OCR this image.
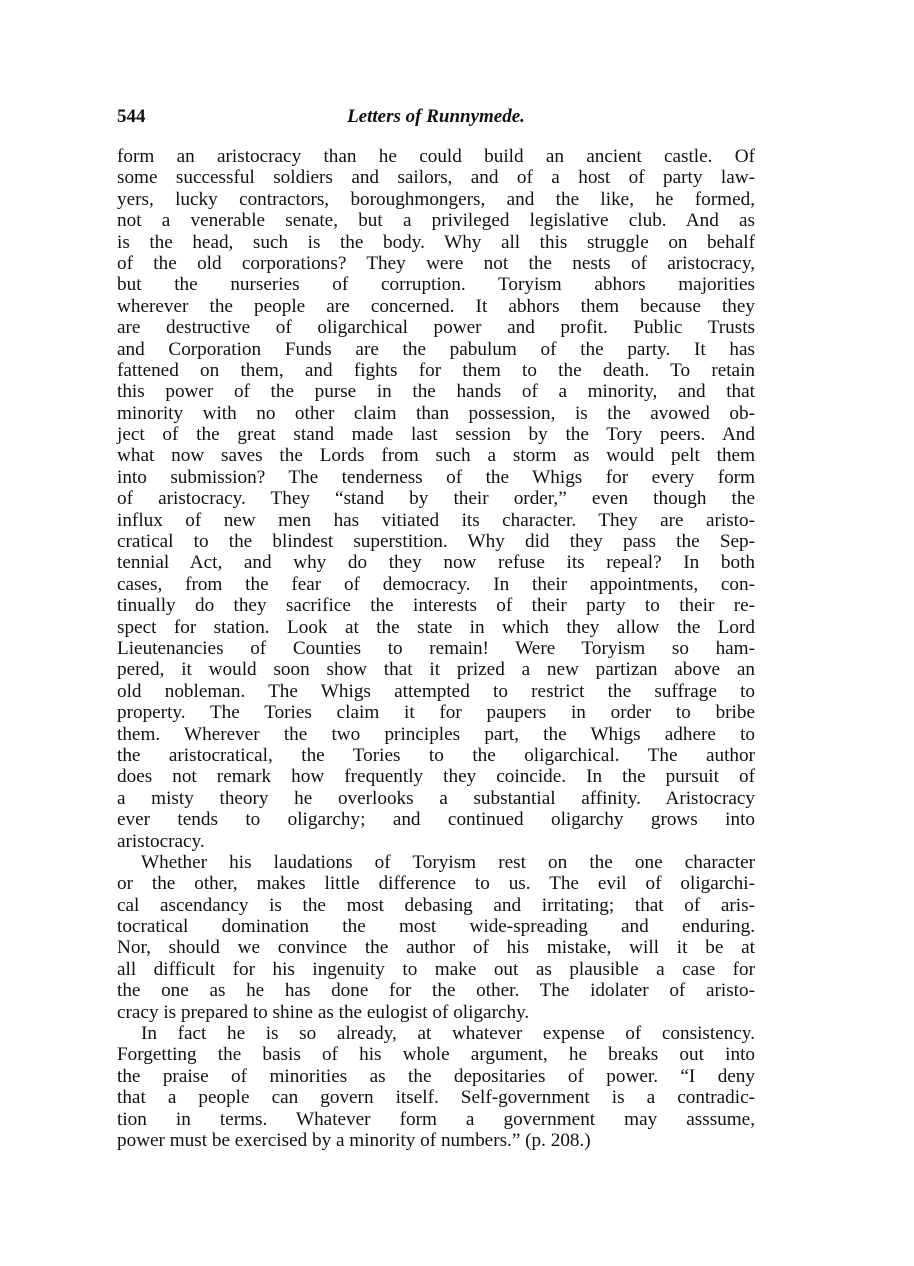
544	Letters of Runnymede.
form an aristocracy than he could build an ancient castle. Of
some successful soldiers and sailors, and of a host of party law-
yers, lucky contractors, boroughmongers, and the like, he formed,
not a venerable senate, but a privileged legislative club. And as
is the head, such is the body. Why all this struggle on behalf
of the old corporations? They were not the nests of aristocracy,
but the nurseries of corruption. Toryism abhors majorities
wherever the people are concerned. It abhors them because they
are destructive of oligarchical power and profit. Public Trusts
and Corporation Funds are the pabulum of the party. It has
fattened on them, and fights for them to the death. To retain
this power of the purse in the hands of a minority, and that
minority with no other claim than possession, is the avowed ob-
ject of the great stand made last session by the Tory peers. And
what now saves the Lords from such a storm as would pelt them
into submission? The tenderness of the Whigs for every form
of aristocracy. They “stand by their order,” even though the
influx of new men has vitiated its character. They are aristo-
cratical to the blindest superstition. Why did they pass the Sep-
tennial Act, and why do they now refuse its repeal? In both
cases, from the fear of democracy. In their appointments, con-
tinually do they sacrifice the interests of their party to their re-
spect for station. Look at the state in which they allow the Lord
Lieutenancies of Counties to remain! Were Toryism so ham-
pered, it would soon show that it prized a new partizan above an
old nobleman. The Whigs attempted to restrict the suffrage to
property. The Tories claim it for paupers in order to bribe
them. Wherever the two principles part, the Whigs adhere to
the aristocratical, the Tories to the oligarchical. The author
does not remark how frequently they coincide. In the pursuit of
a misty theory he overlooks a substantial affinity. Aristocracy
ever tends to oligarchy; and continued oligarchy grows into
aristocracy.
Whether his laudations of Toryism rest on the one character
or the other, makes little difference to us. The evil of oligarchi-
cal ascendancy is the most debasing and irritating; that of aris-
tocratical domination the most wide-spreading and enduring.
Nor, should we convince the author of his mistake, will it be at
all difficult for his ingenuity to make out as plausible a case for
the one as he has done for the other. The idolater of aristo-
cracy is prepared to shine as the eulogist of oligarchy.
In fact he is so already, at whatever expense of consistency.
Forgetting the basis of his whole argument, he breaks out into
the praise of minorities as the depositaries of power. “I deny
that a people can govern itself. Self-government is a contradic-
tion in terms. Whatever form a government may asssume,
power must be exercised by a minority of numbers.” (p. 208.)
